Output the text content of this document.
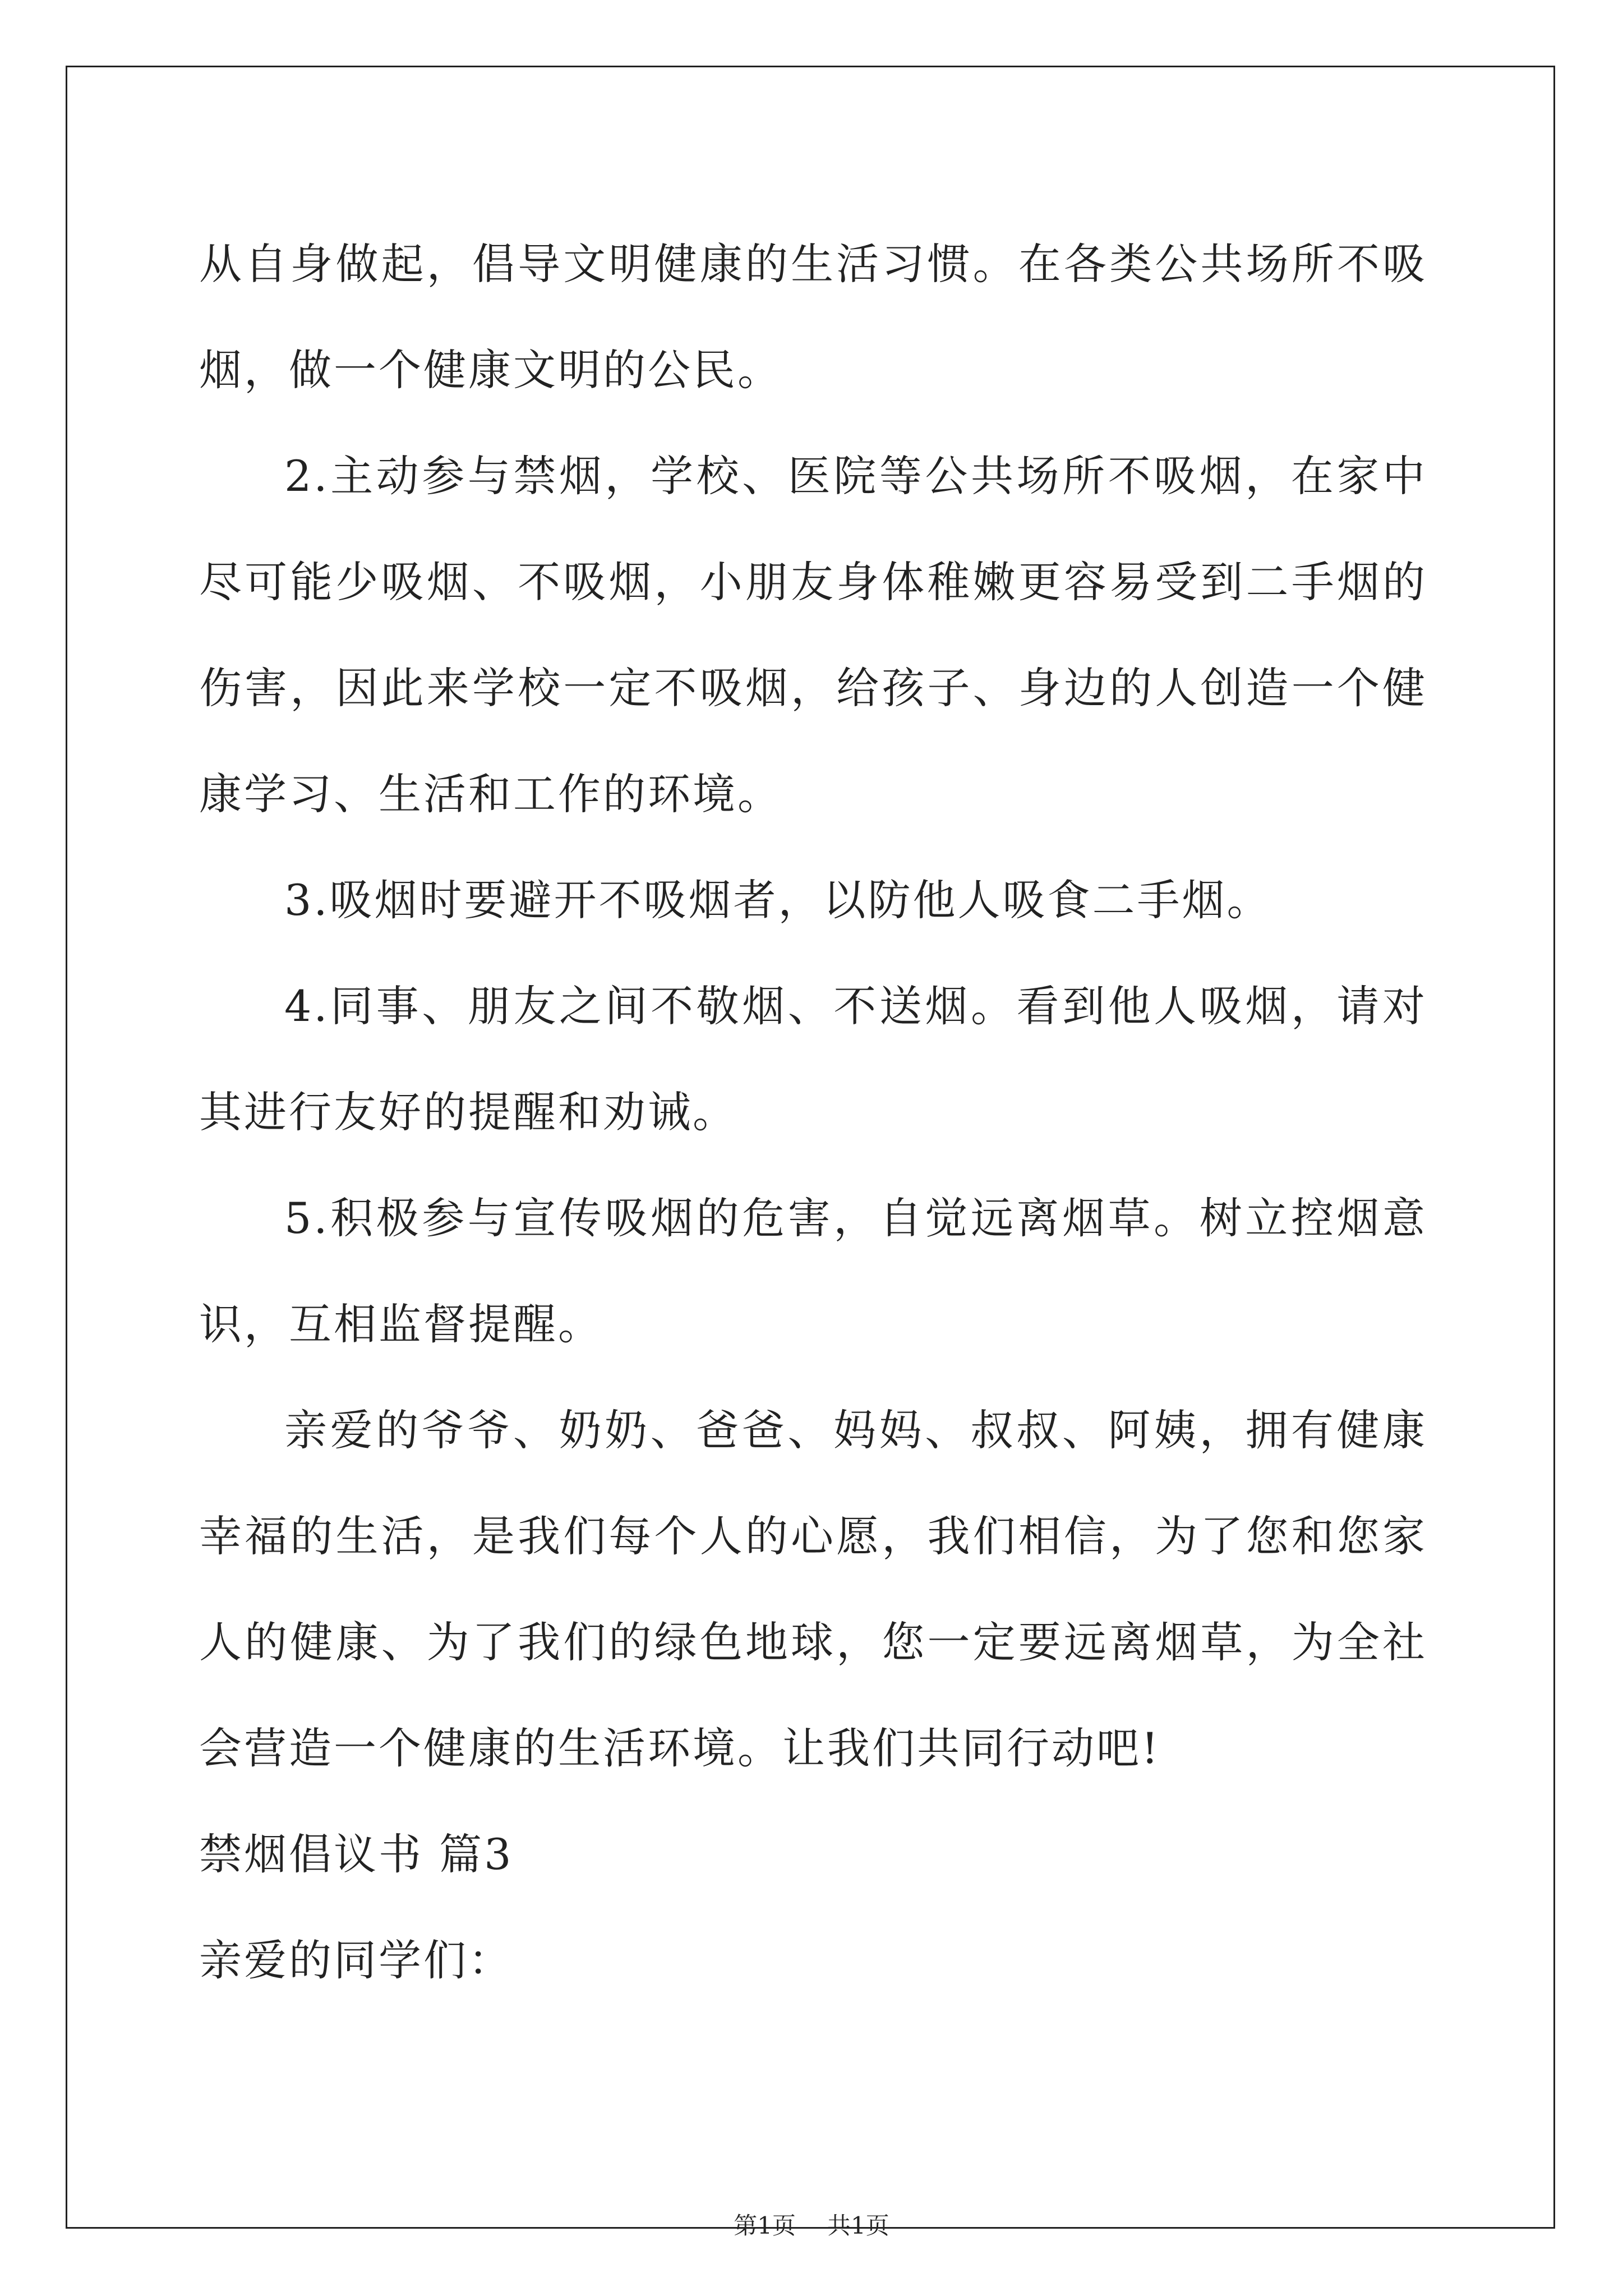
从自身做起，倡导文明健康的生活习惯。在各类公共场所不吸烟，做一个健康文明的公民。

2.主动参与禁烟，学校、医院等公共场所不吸烟，在家中尽可能少吸烟、不吸烟，小朋友身体稚嫩更容易受到二手烟的伤害，因此来学校一定不吸烟，给孩子、身边的人创造一个健康学习、生活和工作的环境。

3.吸烟时要避开不吸烟者，以防他人吸食二手烟。

4.同事、朋友之间不敬烟、不送烟。看到他人吸烟，请对其进行友好的提醒和劝诫。

5.积极参与宣传吸烟的危害，自觉远离烟草。树立控烟意识，互相监督提醒。

亲爱的爷爷、奶奶、爸爸、妈妈、叔叔、阿姨，拥有健康幸福的生活，是我们每个人的心愿，我们相信，为了您和您家人的健康、为了我们的绿色地球，您一定要远离烟草，为全社会营造一个健康的生活环境。让我们共同行动吧!

禁烟倡议书 篇3

亲爱的同学们：

第1页 共1页
